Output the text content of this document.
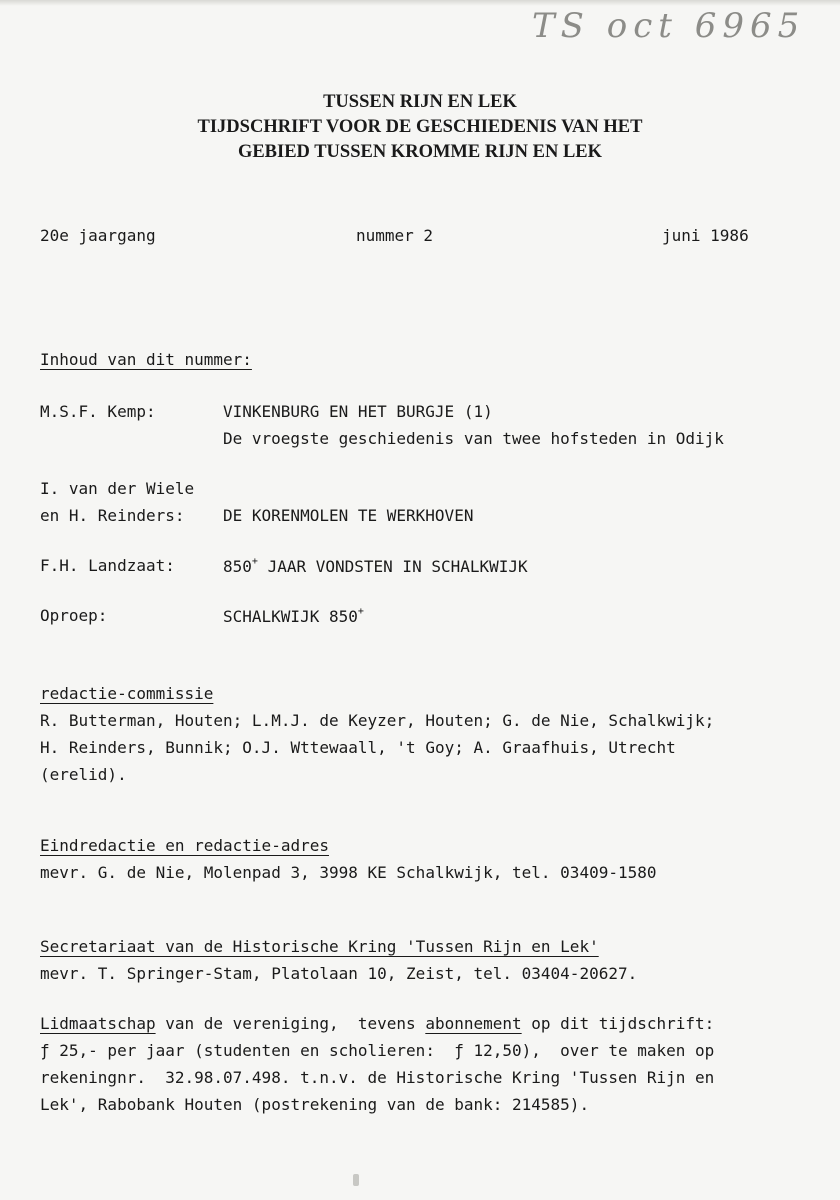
TS oct 6965
TUSSEN RIJN EN LEK
TIJDSCHRIFT VOOR DE GESCHIEDENIS VAN HET
GEBIED TUSSEN KROMME RIJN EN LEK
20e jaargang	nummer 2	juni 1986
Inhoud van dit nummer:
M.S.F. Kemp:	VINKENBURG EN HET BURGJE (1)
De vroegste geschiedenis van twee hofsteden in Odijk
I. van der Wiele
en H. Reinders: DE KORENMOLEN TE WERKHOVEN
F.H. Landzaat:	850+ JAAR VONDSTEN IN SCHALKWIJK
Oproep:	SCHALKWIJK 850+
redactie-commissie
R. Butterman, Houten; L.M.J. de Keyzer, Houten; G. de Nie, Schalkwijk;
H. Reinders, Bunnik; O.J. Wttewaall, 't Goy; A. Graafhuis, Utrecht
(erelid).
Eindredactie en redactie-adres
mevr. G. de Nie, Molenpad 3, 3998 KE Schalkwijk, tel. 03409-1580
Secretariaat van de Historische Kring 'Tussen Rijn en Lek'
mevr. T. Springer-Stam, Platolaan 10, Zeist, tel. 03404-20627.
Lidmaatschap van de vereniging,  tevens abonnement op dit tijdschrift:
ƒ 25,- per jaar (studenten en scholieren:  ƒ 12,50),  over te maken op
rekeningnr.  32.98.07.498. t.n.v. de Historische Kring 'Tussen Rijn en
Lek', Rabobank Houten (postrekening van de bank: 214585).
